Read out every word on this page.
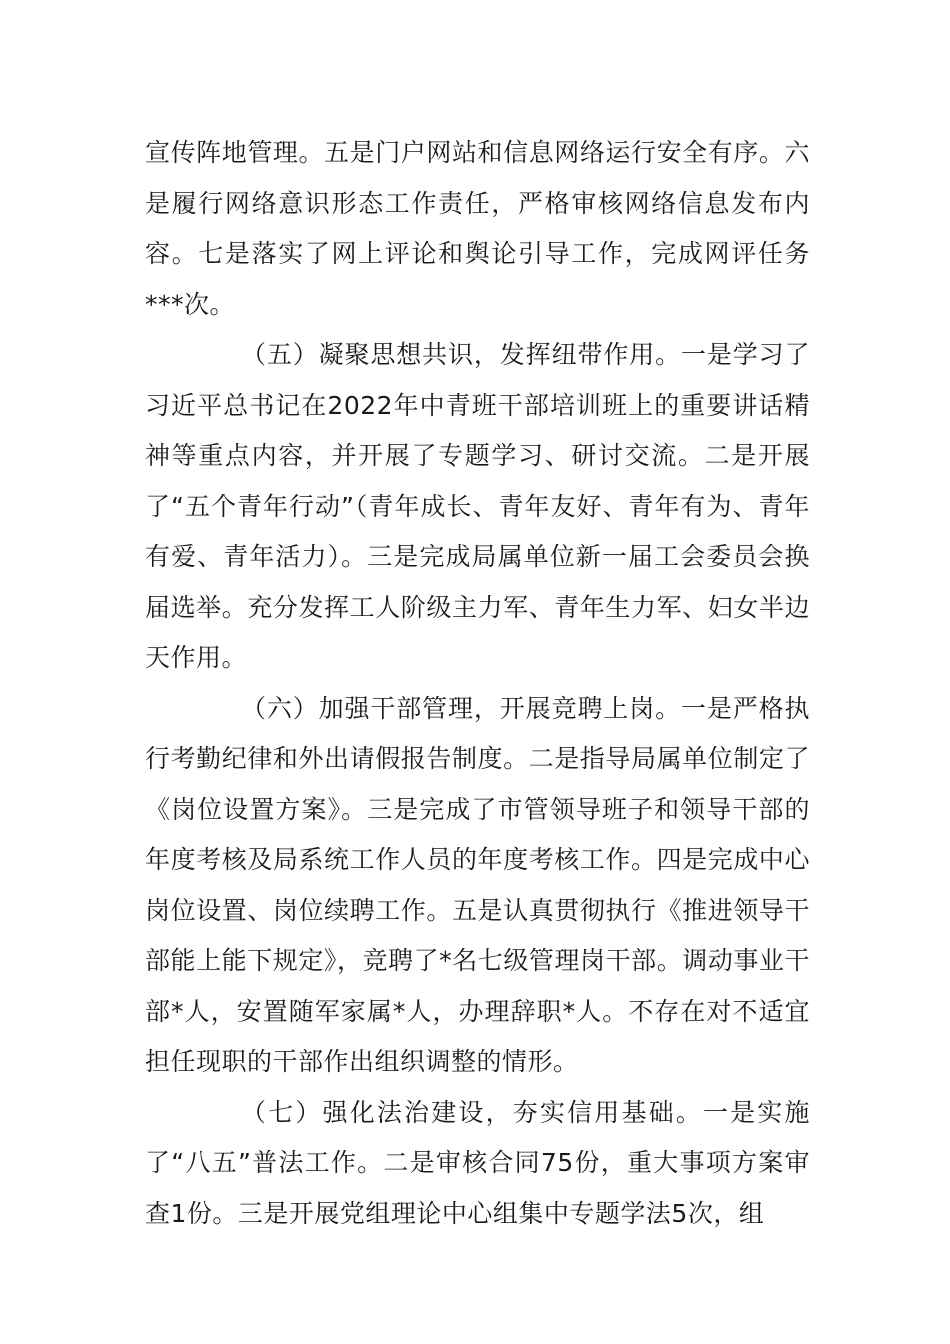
宣传阵地管理。五是门户网站和信息网络运行安全有序。六是履行网络意识形态工作责任，严格审核网络信息发布内容。七是落实了网上评论和舆论引导工作，完成网评任务***次。

（五）凝聚思想共识，发挥纽带作用。一是学习了习近平总书记在2022年中青班干部培训班上的重要讲话精神等重点内容，并开展了专题学习、研讨交流。二是开展了“五个青年行动”（青年成长、青年友好、青年有为、青年有爱、青年活力）。三是完成局属单位新一届工会委员会换届选举。充分发挥工人阶级主力军、青年生力军、妇女半边天作用。

（六）加强干部管理，开展竞聘上岗。一是严格执行考勤纪律和外出请假报告制度。二是指导局属单位制定了《岗位设置方案》。三是完成了市管领导班子和领导干部的年度考核及局系统工作人员的年度考核工作。四是完成中心岗位设置、岗位续聘工作。五是认真贯彻执行《推进领导干部能上能下规定》，竞聘了*名七级管理岗干部。调动事业干部*人，安置随军家属*人，办理辞职*人。不存在对不适宜担任现职的干部作出组织调整的情形。

（七）强化法治建设，夯实信用基础。一是实施了“八五”普法工作。二是审核合同75份，重大事项方案审查1份。三是开展党组理论中心组集中专题学法5次，组
